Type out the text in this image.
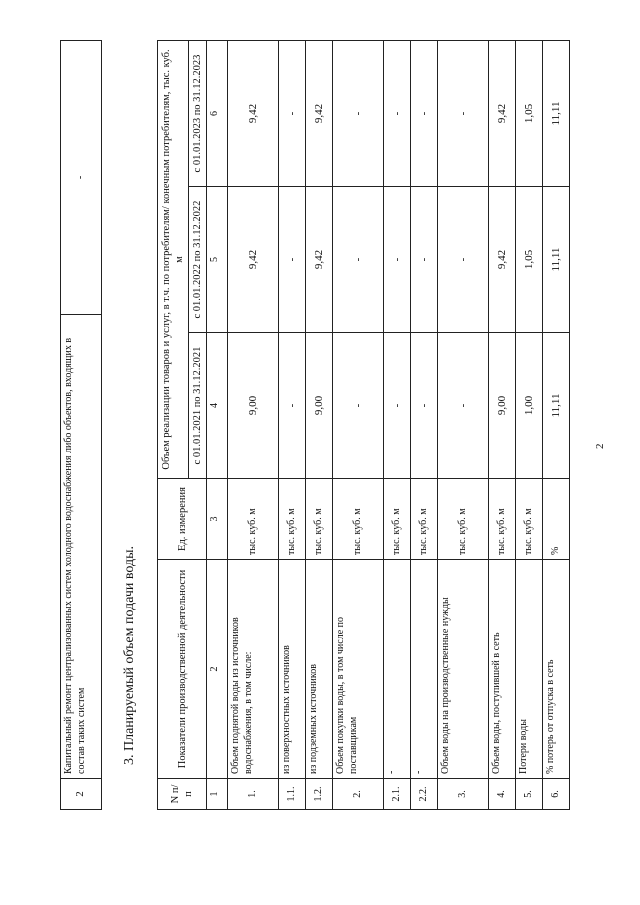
2
2	Капитальный ремонт централизованных систем холодного водоснабжения либо объектов, входящих в состав таких систем	-
3. Планируемый объем подачи воды.
N п/п	Показатели производственной деятельности	Ед. измерения	Объем реализации товаров и услуг, в т.ч. по потребителям/ конечным потребителям, тыс. куб. м		
			с 01.01.2021 по 31.12.2021	с 01.01.2022 по 31.12.2022	с 01.01.2023 по 31.12.2023
1	2	3	4	5	6
1.	Объем поднятой воды из источников водоснабжения, в том числе:	тыс. куб. м	9,00	9,42	9,42
1.1.	из поверхностных источников	тыс. куб. м	-	-	-
1.2.	из подземных источников	тыс. куб. м	9,00	9,42	9,42
2.	Объем покупки воды, в том числе по поставщикам	тыс. куб. м	-	-	-
2.1.	-	тыс. куб. м	-	-	-
2.2.	-	тыс. куб. м	-	-	-
3.	Объем воды на производственные нужды	тыс. куб. м	-	-	-
4.	Объем воды, поступившей в сеть	тыс. куб. м	9,00	9,42	9,42
5.	Потери воды	тыс. куб. м	1,00	1,05	1,05
6.	% потерь от отпуска в сеть	%	11,11	11,11	11,11
